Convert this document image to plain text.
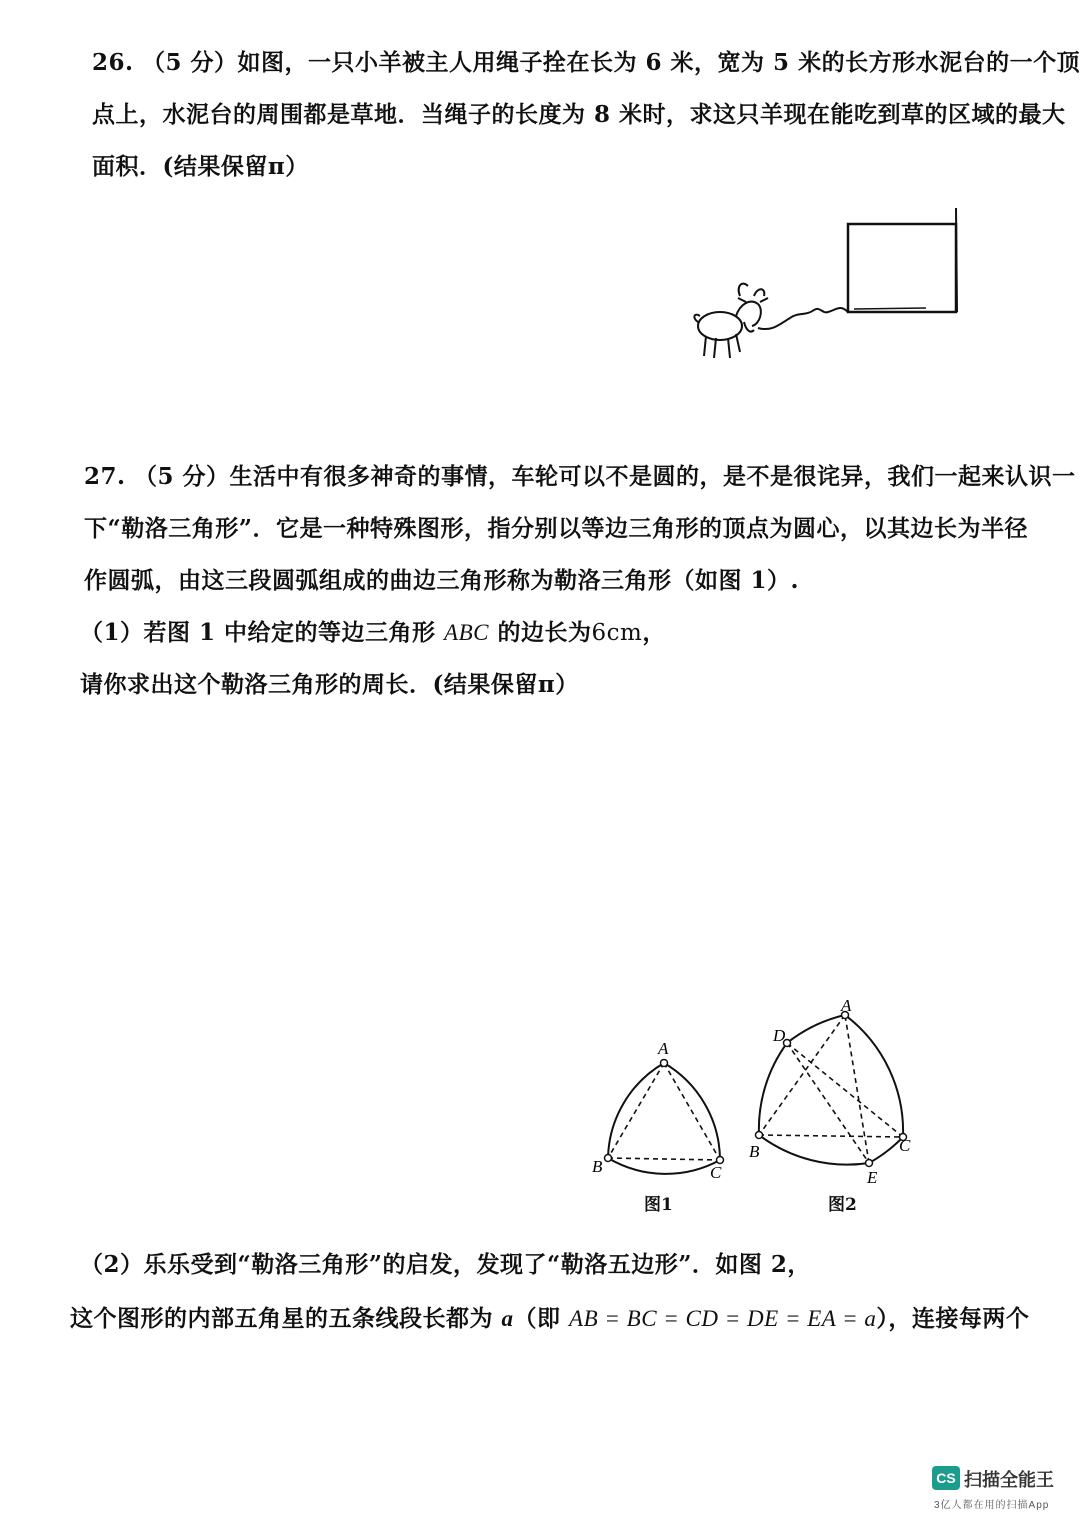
26. （5 分）如图，一只小羊被主人用绳子拴在长为 6 米，宽为 5 米的长方形水泥台的一个顶
点上，水泥台的周围都是草地．当绳子的长度为 8 米时，求这只羊现在能吃到草的区域的最大
面积．(结果保留π）
27. （5 分）生活中有很多神奇的事情，车轮可以不是圆的，是不是很诧异，我们一起来认识一
下“勒洛三角形”．它是一种特殊图形，指分别以等边三角形的顶点为圆心，以其边长为半径
作圆弧，由这三段圆弧组成的曲边三角形称为勒洛三角形（如图 1）.
（1）若图 1 中给定的等边三角形 ABC 的边长为6cm，
请你求出这个勒洛三角形的周长．(结果保留π）
A
B	C
图1
A
D
B	C
E
图2
（2）乐乐受到“勒洛三角形”的启发，发现了“勒洛五边形”．如图 2，
这个图形的内部五角星的五条线段长都为 a（即 AB = BC = CD = DE = EA = a），连接每两个
CS 扫描全能王
3亿人都在用的扫描App
